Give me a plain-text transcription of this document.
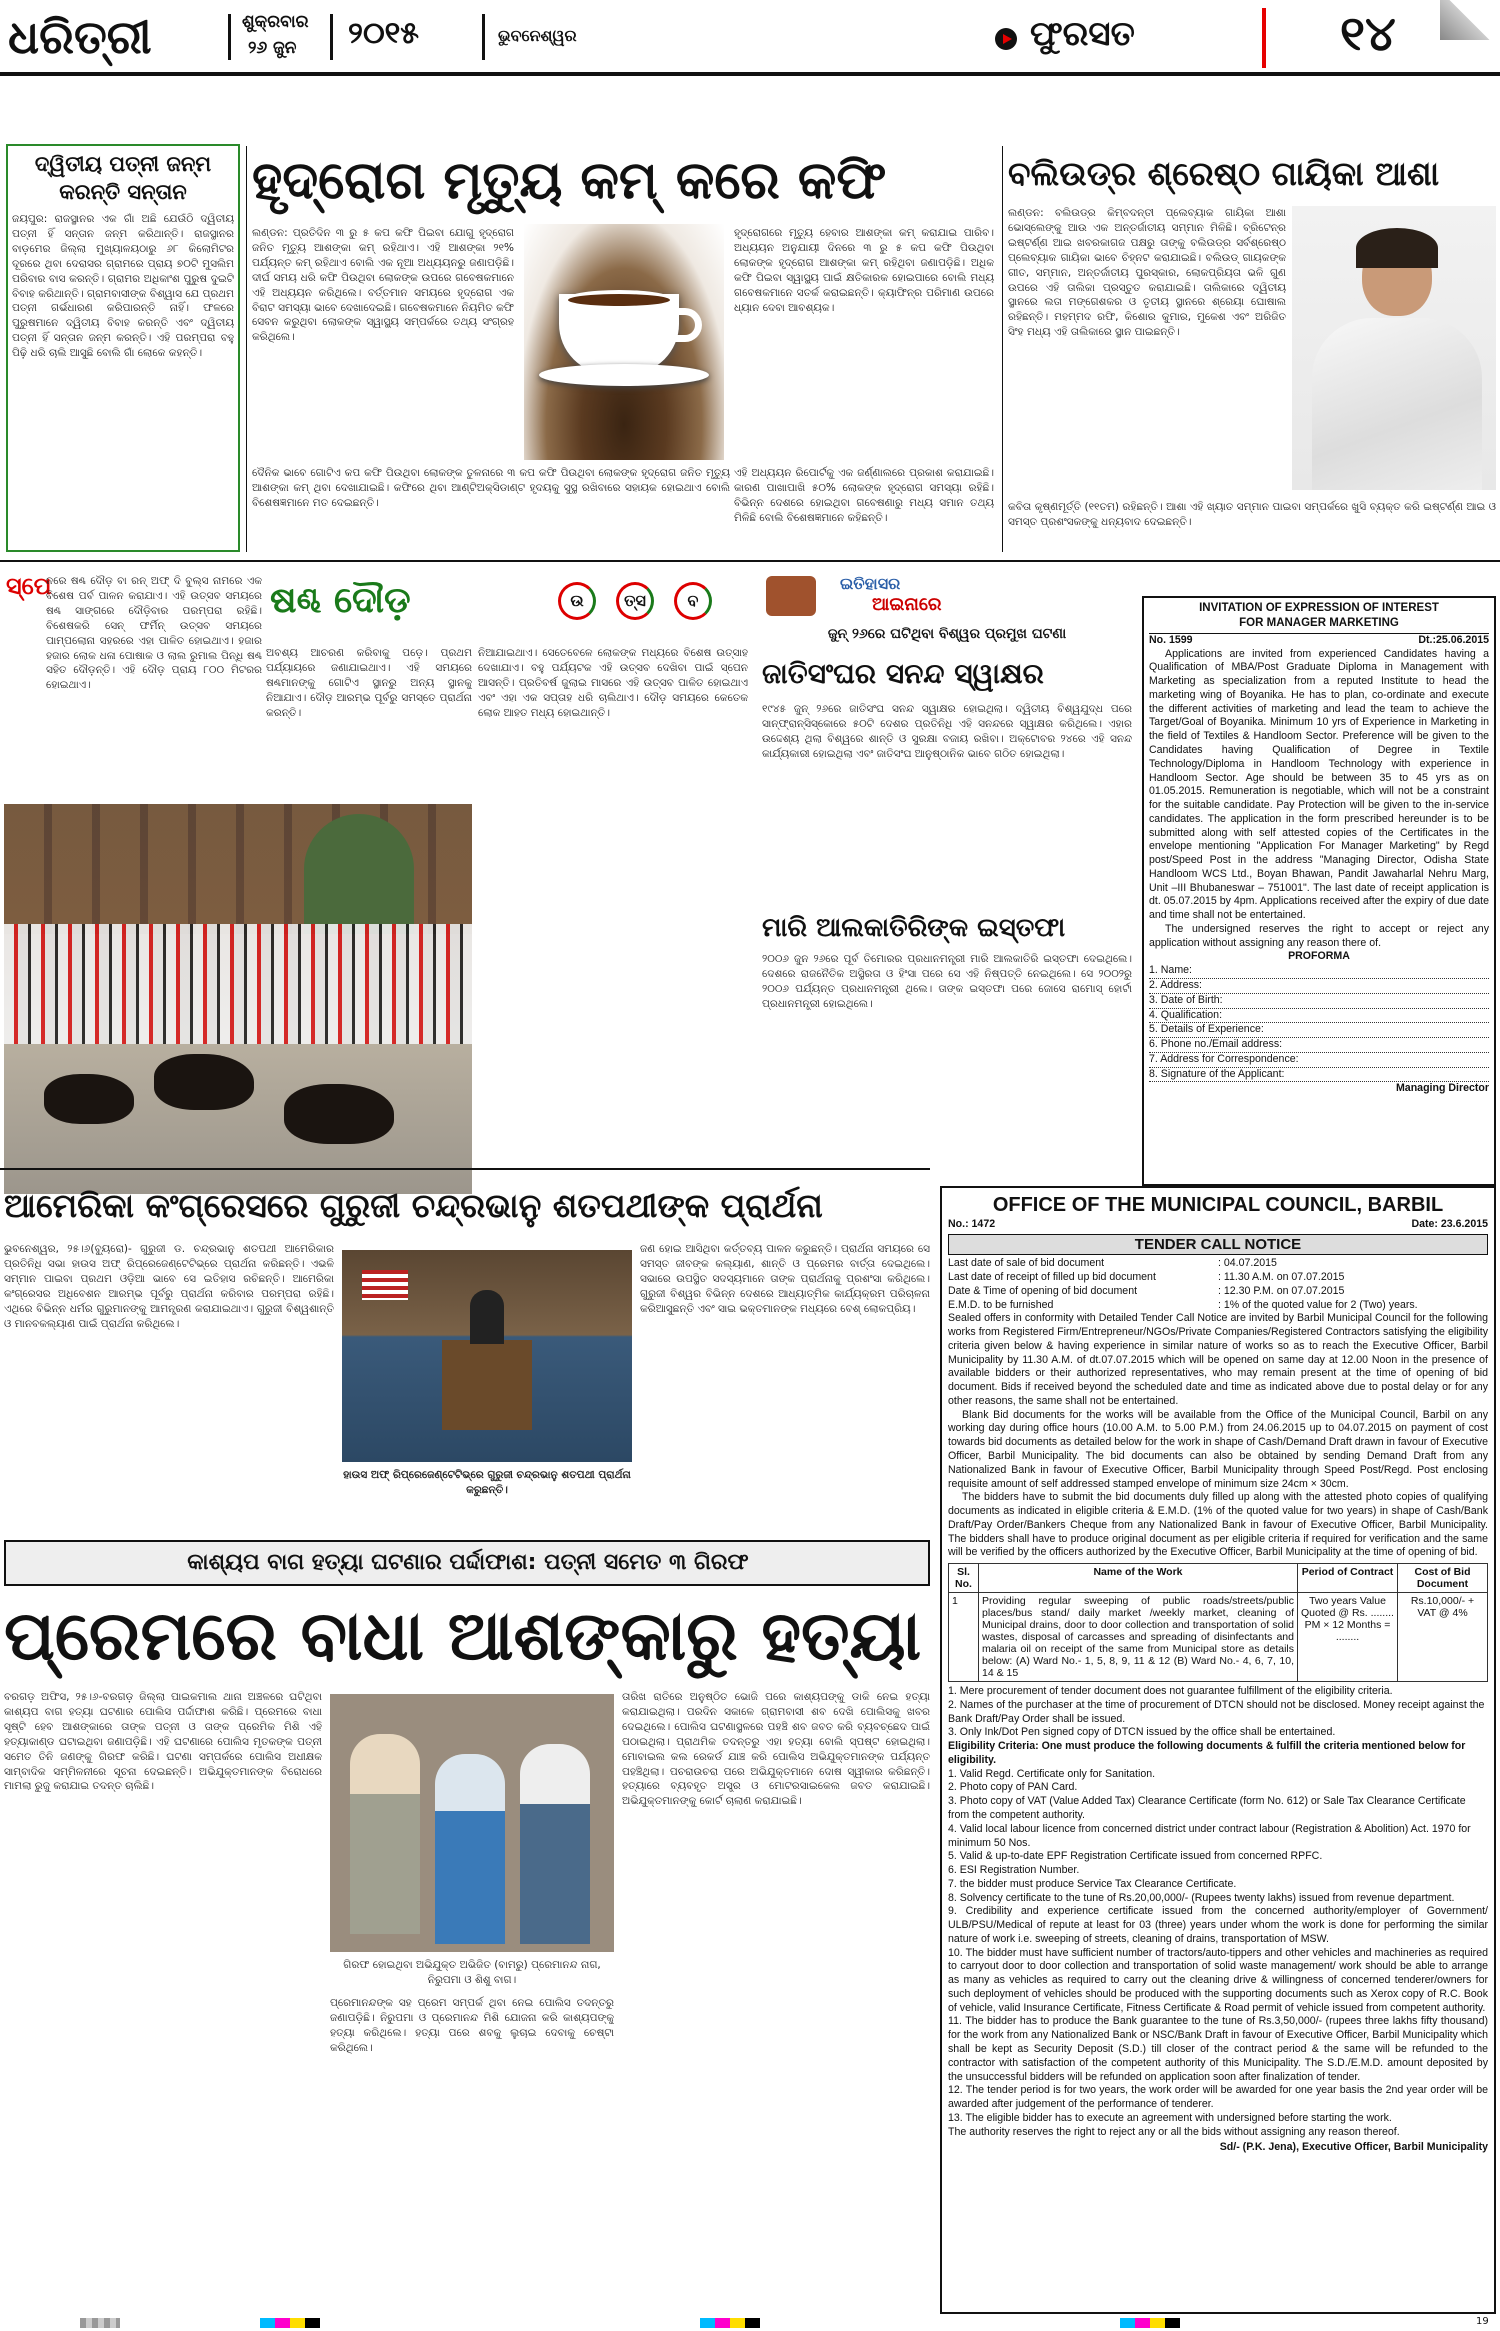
ଧରିତ୍ରୀ	ଶୁକ୍ରବାର
୨୬ ଜୁନ ୨୦୧୫	ଭୁବନେଶ୍ୱର	ଫୁରସତ	୧୪
ଦ୍ୱିତୀୟ ପତ୍ନୀ ଜନ୍ମ
କରନ୍ତି ସନ୍ତାନ
ଜୟପୁର: ରାଜସ୍ଥାନର ଏକ ଗାଁ ଅଛି ଯେଉଁଠି ଦ୍ୱିତୀୟ ପତ୍ନୀ ହିଁ ସନ୍ତାନ ଜନ୍ମ କରିଥାନ୍ତି। ରାଜସ୍ଥାନର ବାଡ଼ମେର ଜିଲ୍ଲା ମୁଖ୍ୟାଳୟଠାରୁ ୬୮ କିଲୋମିଟର ଦୂରରେ ଥିବା ଦେରାସର ଗ୍ରାମରେ ପ୍ରାୟ ୭୦ଟି ମୁସଲିମ ପରିବାର ବାସ କରନ୍ତି। ଗ୍ରାମର ଅଧିକାଂଶ ପୁରୁଷ ଦୁଇଟି ବିବାହ କରିଥାନ୍ତି। ଗ୍ରାମବାସୀଙ୍କ ବିଶ୍ୱାସ ଯେ ପ୍ରଥମ ପତ୍ନୀ ଗର୍ଭଧାରଣ କରିପାରନ୍ତି ନାହିଁ। ଫଳରେ ପୁରୁଷମାନେ ଦ୍ୱିତୀୟ ବିବାହ କରନ୍ତି ଏବଂ ଦ୍ୱିତୀୟ ପତ୍ନୀ ହିଁ ସନ୍ତାନ ଜନ୍ମ କରନ୍ତି। ଏହି ପରମ୍ପରା ବହୁ ପିଢ଼ି ଧରି ଚାଲି ଆସୁଛି ବୋଲି ଗାଁ ଲୋକେ କହନ୍ତି।
ହୃଦ୍‌ରୋଗ ମୃତ୍ୟୁ କମ୍ କରେ କଫି
ଲଣ୍ଡନ: ପ୍ରତିଦିନ ୩ ରୁ ୫ କପ କଫି ପିଇବା ଯୋଗୁ ହୃଦ୍‌ରୋଗ ଜନିତ ମୃତ୍ୟୁ ଆଶଙ୍କା କମ୍ ରହିଥାଏ। ଏହି ଆଶଙ୍କା ୨୧% ପର୍ଯ୍ୟନ୍ତ କମ୍ ରହିଥାଏ ବୋଲି ଏକ ନୂଆ ଅଧ୍ୟୟନରୁ ଜଣାପଡ଼ିଛି। ଦୀର୍ଘ ସମୟ ଧରି କଫି ପିଉଥିବା ଲୋକଙ୍କ ଉପରେ ଗବେଷକମାନେ ଏହି ଅଧ୍ୟୟନ କରିଥିଲେ। ବର୍ତ୍ତମାନ ସମୟରେ ହୃଦ୍‌ରୋଗ ଏକ ବିରାଟ ସମସ୍ୟା ଭାବେ ଦେଖାଦେଇଛି। ଗବେଷକମାନେ ନିୟମିତ କଫି ସେବନ କରୁଥିବା ଲୋକଙ୍କ ସ୍ୱାସ୍ଥ୍ୟ ସମ୍ପର୍କରେ ତଥ୍ୟ ସଂଗ୍ରହ କରିଥିଲେ।
ହୃଦ୍‌ରୋଗରେ ମୃତ୍ୟୁ ହେବାର ଆଶଙ୍କା କମ୍ କରାଯାଇ ପାରିବ। ଅଧ୍ୟୟନ ଅନୁଯାୟୀ ଦିନରେ ୩ ରୁ ୫ କପ କଫି ପିଉଥିବା ଲୋକଙ୍କ ହୃଦ୍‌ରୋଗ ଆଶଙ୍କା କମ୍ ରହିଥିବା ଜଣାପଡ଼ିଛି। ଅଧିକ କଫି ପିଇବା ସ୍ୱାସ୍ଥ୍ୟ ପାଇଁ କ୍ଷତିକାରକ ହୋଇପାରେ ବୋଲି ମଧ୍ୟ ଗବେଷକମାନେ ସତର୍କ କରାଇଛନ୍ତି। କ୍ୟାଫିନ୍‌ର ପରିମାଣ ଉପରେ ଧ୍ୟାନ ଦେବା ଆବଶ୍ୟକ।
ଦୈନିକ ଭାବେ ଗୋଟିଏ କପ କଫି ପିଉଥିବା ଲୋକଙ୍କ ତୁଳନାରେ ୩ କପ କଫି ପିଉଥିବା ଲୋକଙ୍କ ହୃଦ୍‌ରୋଗ ଜନିତ ମୃତ୍ୟୁ ଆଶଙ୍କା କମ୍ ଥିବା ଦେଖାଯାଇଛି। କଫିରେ ଥିବା ଆଣ୍ଟିଅକ୍ସିଡାଣ୍ଟ ହୃଦୟକୁ ସୁସ୍ଥ ରଖିବାରେ ସହାୟକ ହୋଇଥାଏ ବୋଲି ବିଶେଷଜ୍ଞମାନେ ମତ ଦେଇଛନ୍ତି।
ଏହି ଅଧ୍ୟୟନ ରିପୋର୍ଟକୁ ଏକ ଜର୍ଣ୍ଣାଲରେ ପ୍ରକାଶ କରାଯାଇଛି। କାରଣ ପାଖାପାଖି ୫୦% ଲୋକଙ୍କ ହୃଦ୍‌ରୋଗ ସମସ୍ୟା ରହିଛି। ବିଭିନ୍ନ ଦେଶରେ ହୋଇଥିବା ଗବେଷଣାରୁ ମଧ୍ୟ ସମାନ ତଥ୍ୟ ମିଳିଛି ବୋଲି ବିଶେଷଜ୍ଞମାନେ କହିଛନ୍ତି।
ବଲିଉଡ୍‌ର ଶ୍ରେଷ୍ଠ ଗାୟିକା ଆଶା
ଲଣ୍ଡନ: ବଲିଉଡ୍‌ର କିମ୍ବଦନ୍ତୀ ପ୍ଲେବ୍ୟାକ ଗାୟିକା ଆଶା ଭୋସ୍‌ଲେଙ୍କୁ ଆଉ ଏକ ଅନ୍ତର୍ଜାତୀୟ ସମ୍ମାନ ମିଳିଛି। ବ୍ରିଟେନ୍‌ର ଇଷ୍ଟର୍ଣ୍ଣ ଆଇ ଖବରକାଗଜ ପକ୍ଷରୁ ତାଙ୍କୁ ବଲିଉଡ୍‌ର ସର୍ବଶ୍ରେଷ୍ଠ ପ୍ଲେବ୍ୟାକ ଗାୟିକା ଭାବେ ଚିହ୍ନଟ କରାଯାଇଛି। ବଲିଉଡ୍ ଗାୟକଙ୍କ ଗୀତ, ସମ୍ମାନ, ଅନ୍ତର୍ଜାତୀୟ ପୁରସ୍କାର, ଲୋକପ୍ରିୟତା ଭଳି ଗୁଣ ଉପରେ ଏହି ତାଲିକା ପ୍ରସ୍ତୁତ କରାଯାଇଛି। ତାଲିକାରେ ଦ୍ୱିତୀୟ ସ୍ଥାନରେ ଲତା ମଙ୍ଗେଶକର ଓ ତୃତୀୟ ସ୍ଥାନରେ ଶ୍ରେୟା ଘୋଷାଲ ରହିଛନ୍ତି। ମହମ୍ମଦ ରଫି, କିଶୋର କୁମାର, ମୁକେଶ ଏବଂ ଅରିଜିତ ସିଂହ ମଧ୍ୟ ଏହି ତାଲିକାରେ ସ୍ଥାନ ପାଇଛନ୍ତି।
କବିତା କୃଷ୍ଣମୂର୍ତ୍ତି (୧୧ତମ) ରହିଛନ୍ତି। ଆଶା ଏହି ଖ୍ୟାତ ସମ୍ମାନ ପାଇବା ସମ୍ପର୍କରେ ଖୁସି ବ୍ୟକ୍ତ କରି ଇଷ୍ଟର୍ଣ୍ଣ ଆଇ ଓ ସମସ୍ତ ପ୍ରଶଂସକଙ୍କୁ ଧନ୍ୟବାଦ ଦେଇଛନ୍ତି।
ସ୍ପେ
ନରେ ଷଣ୍ଢ ଦୌଡ଼ ବା ରନ୍ ଅଫ୍ ଦି ବୁଲ୍ସ ନାମରେ ଏକ ବିଶେଷ ପର୍ବ ପାଳନ କରାଯାଏ। ଏହି ଉତ୍ସବ ସମୟରେ ଷଣ୍ଢ ସାଙ୍ଗରେ ଦୌଡ଼ିବାର ପରମ୍ପରା ରହିଛି। ବିଶେଷକରି ସେନ୍ ଫର୍ମିନ୍ ଉତ୍ସବ ସମୟରେ ପାମ୍ପଲୋନା ସହରରେ ଏହା ପାଳିତ ହୋଇଥାଏ। ହଜାର ହଜାର ଲୋକ ଧଳା ପୋଷାକ ଓ ଲାଲ ରୁମାଲ ପିନ୍ଧି ଷଣ୍ଢ ସହିତ ଦୌଡ଼ନ୍ତି। ଏହି ଦୌଡ଼ ପ୍ରାୟ ୮୦୦ ମିଟରର ହୋଇଥାଏ।
ଷଣ୍ଢ ଦୌଡ଼	ଉ	ତ୍ସ	ବ
ଅବଶ୍ୟ ଆଚରଣ କରିବାକୁ ପଡ଼େ। ପ୍ରଥମ ପର୍ଯ୍ୟାୟରେ ଜଣାଯାଇଥାଏ। ଏହି ସମୟରେ ଷଣ୍ଢମାନଙ୍କୁ ଗୋଟିଏ ସ୍ଥାନରୁ ଅନ୍ୟ ସ୍ଥାନକୁ ନିଆଯାଏ। ଦୌଡ଼ ଆରମ୍ଭ ପୂର୍ବରୁ ସମସ୍ତେ ପ୍ରାର୍ଥନା କରନ୍ତି।
ନିଆଯାଇଥାଏ। ସେତେବେଳେ ଲୋକଙ୍କ ମଧ୍ୟରେ ବିଶେଷ ଉତ୍ସାହ ଦେଖାଯାଏ। ବହୁ ପର୍ଯ୍ୟଟକ ଏହି ଉତ୍ସବ ଦେଖିବା ପାଇଁ ସ୍ପେନ ଆସନ୍ତି। ପ୍ରତିବର୍ଷ ଜୁଲାଇ ମାସରେ ଏହି ଉତ୍ସବ ପାଳିତ ହୋଇଥାଏ ଏବଂ ଏହା ଏକ ସପ୍ତାହ ଧରି ଚାଲିଥାଏ। ଦୌଡ଼ ସମୟରେ କେତେକ ଲୋକ ଆହତ ମଧ୍ୟ ହୋଇଥାନ୍ତି।
ଇତିହାସର
ଆଇନାରେ
ଜୁନ୍ ୨୬ରେ ଘଟିଥିବା ବିଶ୍ୱର ପ୍ରମୁଖ ଘଟଣା
ଜାତିସଂଘର ସନନ୍ଦ ସ୍ୱାକ୍ଷର
୧୯୪୫ ଜୁନ୍ ୨୬ରେ ଜାତିସଂଘ ସନନ୍ଦ ସ୍ୱାକ୍ଷର ହୋଇଥିଲା। ଦ୍ୱିତୀୟ ବିଶ୍ୱଯୁଦ୍ଧ ପରେ ସାନ୍‌ଫ୍ରାନ୍ସିସ୍କୋରେ ୫୦ଟି ଦେଶର ପ୍ରତିନିଧି ଏହି ସନନ୍ଦରେ ସ୍ୱାକ୍ଷର କରିଥିଲେ। ଏହାର ଉଦ୍ଦେଶ୍ୟ ଥିଲା ବିଶ୍ୱରେ ଶାନ୍ତି ଓ ସୁରକ୍ଷା ବଜାୟ ରଖିବା। ଅକ୍ଟୋବର ୨୪ରେ ଏହି ସନନ୍ଦ କାର୍ଯ୍ୟକାରୀ ହୋଇଥିଲା ଏବଂ ଜାତିସଂଘ ଆନୁଷ୍ଠାନିକ ଭାବେ ଗଠିତ ହୋଇଥିଲା।
ମାରି ଆଲକାତିରିଙ୍କ ଇସ୍ତଫା
୨୦୦୬ ଜୁନ ୨୬ରେ ପୂର୍ବ ତିମୋରର ପ୍ରଧାନମନ୍ତ୍ରୀ ମାରି ଆଲକାତିରି ଇସ୍ତଫା ଦେଇଥିଲେ। ଦେଶରେ ରାଜନୈତିକ ଅସ୍ଥିରତା ଓ ହିଂସା ପରେ ସେ ଏହି ନିଷ୍ପତ୍ତି ନେଇଥିଲେ। ସେ ୨୦୦୨ରୁ ୨୦୦୬ ପର୍ଯ୍ୟନ୍ତ ପ୍ରଧାନମନ୍ତ୍ରୀ ଥିଲେ। ତାଙ୍କ ଇସ୍ତଫା ପରେ ଜୋସେ ରାମୋସ୍ ହୋର୍ଟା ପ୍ରଧାନମନ୍ତ୍ରୀ ହୋଇଥିଲେ।
INVITATION OF EXPRESSION OF INTEREST
FOR MANAGER MARKETING
No. 1599	Dt.:25.06.2015
Applications are invited from experienced Candidates having a Qualification of MBA/Post Graduate Diploma in Management with Marketing as specialization from a reputed Institute to head the marketing wing of Boyanika. He has to plan, co-ordinate and execute the different activities of marketing and lead the team to achieve the Target/Goal of Boyanika. Minimum 10 yrs of Experience in Marketing in the field of Textiles & Handloom Sector. Preference will be given to the Candidates having Qualification of Degree in Textile Technology/Diploma in Handloom Technology with experience in Handloom Sector. Age should be between 35 to 45 yrs as on 01.05.2015. Remuneration is negotiable, which will not be a constraint for the suitable candidate. Pay Protection will be given to the in-service candidates. The application in the form prescribed hereunder is to be submitted along with self attested copies of the Certificates in the envelope mentioning "Application For Manager Marketing" by Regd post/Speed Post in the address "Managing Director, Odisha State Handloom WCS Ltd., Boyan Bhawan, Pandit Jawaharlal Nehru Marg, Unit –III Bhubaneswar – 751001". The last date of receipt application is dt. 05.07.2015 by 4pm. Applications received after the expiry of due date and time shall not be entertained.
The undersigned reserves the right to accept or reject any application without assigning any reason there of.
PROFORMA
1. Name:
2. Address:
3. Date of Birth:
4. Qualification:
5. Details of Experience:
6. Phone no./Email address:
7. Address for Correspondence:
8. Signature of the Applicant:
Managing Director
ଆମେରିକା କଂଗ୍ରେସରେ ଗୁରୁଜୀ ଚନ୍ଦ୍ରଭାନୁ ଶତପଥୀଙ୍କ ପ୍ରାର୍ଥନା
ଭୁବନେଶ୍ୱର, ୨୫।୬(ବ୍ୟୁରୋ)- ଗୁରୁଜୀ ଡ. ଚନ୍ଦ୍ରଭାନୁ ଶତପଥୀ ଆମେରିକାର ପ୍ରତିନିଧି ସଭା ହାଉସ ଅଫ୍ ରିପ୍ରେଜେଣ୍ଟେଟିଭ୍‌ରେ ପ୍ରାର୍ଥନା କରିଛନ୍ତି। ଏଭଳି ସମ୍ମାନ ପାଇବା ପ୍ରଥମ ଓଡ଼ିଆ ଭାବେ ସେ ଇତିହାସ ରଚିଛନ୍ତି। ଆମେରିକା କଂଗ୍ରେସର ଅଧିବେଶନ ଆରମ୍ଭ ପୂର୍ବରୁ ପ୍ରାର୍ଥନା କରିବାର ପରମ୍ପରା ରହିଛି। ଏଥିରେ ବିଭିନ୍ନ ଧର୍ମର ଗୁରୁମାନଙ୍କୁ ଆମନ୍ତ୍ରଣ କରାଯାଇଥାଏ। ଗୁରୁଜୀ ବିଶ୍ୱଶାନ୍ତି ଓ ମାନବକଲ୍ୟାଣ ପାଇଁ ପ୍ରାର୍ଥନା କରିଥିଲେ।
ହାଉସ ଅଫ୍ ରିପ୍ରେଜେଣ୍ଟେଟିଭ୍‌ରେ ଗୁରୁଜୀ ଚନ୍ଦ୍ରଭାନୁ ଶତପଥୀ ପ୍ରାର୍ଥନା କରୁଛନ୍ତି।
ଜଣ ହୋଇ ଆସିଥିବା କର୍ତ୍ତବ୍ୟ ପାଳନ କରୁଛନ୍ତି। ପ୍ରାର୍ଥନା ସମୟରେ ସେ ସମସ୍ତ ଜୀବଙ୍କ କଲ୍ୟାଣ, ଶାନ୍ତି ଓ ପ୍ରେମର ବାର୍ତ୍ତା ଦେଇଥିଲେ। ସଭାରେ ଉପସ୍ଥିତ ସଦସ୍ୟମାନେ ତାଙ୍କ ପ୍ରାର୍ଥନାକୁ ପ୍ରଶଂସା କରିଥିଲେ। ଗୁରୁଜୀ ବିଶ୍ୱର ବିଭିନ୍ନ ଦେଶରେ ଆଧ୍ୟାତ୍ମିକ କାର୍ଯ୍ୟକ୍ରମ ପରିଚାଳନା କରିଆସୁଛନ୍ତି ଏବଂ ସାଇ ଭକ୍ତମାନଙ୍କ ମଧ୍ୟରେ ବେଶ୍ ଲୋକପ୍ରିୟ।
କାଶ୍ୟପ ବାଗ ହତ୍ୟା ଘଟଣାର ପର୍ଦ୍ଦାଫାଶ: ପତ୍ନୀ ସମେତ ୩ ଗିରଫ
ପ୍ରେମରେ ବାଧା ଆଶଙ୍କାରୁ ହତ୍ୟା
ବରଗଡ଼ ଅଫିସ, ୨୫।୬-ବରଗଡ଼ ଜିଲ୍ଲା ପାଇକମାଲ ଥାନା ଅଞ୍ଚଳରେ ଘଟିଥିବା କାଶ୍ୟପ ବାଗ ହତ୍ୟା ଘଟଣାର ପୋଲିସ ପର୍ଦ୍ଦାଫାଶ କରିଛି। ପ୍ରେମରେ ବାଧା ସୃଷ୍ଟି ହେବ ଆଶଙ୍କାରେ ତାଙ୍କ ପତ୍ନୀ ଓ ତାଙ୍କ ପ୍ରେମିକ ମିଶି ଏହି ହତ୍ୟାକାଣ୍ଡ ଘଟାଇଥିବା ଜଣାପଡ଼ିଛି। ଏହି ଘଟଣାରେ ପୋଲିସ ମୃତକଙ୍କ ପତ୍ନୀ ସମେତ ତିନି ଜଣଙ୍କୁ ଗିରଫ କରିଛି। ଘଟଣା ସମ୍ପର୍କରେ ପୋଲିସ ଅଧୀକ୍ଷକ ସାମ୍ବାଦିକ ସମ୍ମିଳନୀରେ ସୂଚନା ଦେଇଛନ୍ତି। ଅଭିଯୁକ୍ତମାନଙ୍କ ବିରୋଧରେ ମାମଲା ରୁଜୁ କରାଯାଇ ତଦନ୍ତ ଚାଲିଛି।
ଗିରଫ ହୋଇଥିବା ଅଭିଯୁକ୍ତ ଅଭିଜିତ (ବାମରୁ) ପ୍ରେମାନନ୍ଦ ନାଗ, ନିରୁପମା ଓ ଶିଶୁ ବାଗ।
ପ୍ରେମାନନ୍ଦଙ୍କ ସହ ପ୍ରେମ ସମ୍ପର୍କ ଥିବା ନେଇ ପୋଲିସ ତଦନ୍ତରୁ ଜଣାପଡ଼ିଛି। ନିରୁପମା ଓ ପ୍ରେମାନନ୍ଦ ମିଶି ଯୋଜନା କରି କାଶ୍ୟପଙ୍କୁ ହତ୍ୟା କରିଥିଲେ। ହତ୍ୟା ପରେ ଶବକୁ ଲୁଚାଇ ଦେବାକୁ ଚେଷ୍ଟା କରିଥିଲେ।
ତାରିଖ ରାତିରେ ଅନୁଷ୍ଠିତ ଭୋଜି ପରେ କାଶ୍ୟପଙ୍କୁ ଡାକି ନେଇ ହତ୍ୟା କରାଯାଇଥିଲା। ପରଦିନ ସକାଳେ ଗ୍ରାମବାସୀ ଶବ ଦେଖି ପୋଲିସକୁ ଖବର ଦେଇଥିଲେ। ପୋଲିସ ଘଟଣାସ୍ଥଳରେ ପହଞ୍ଚି ଶବ ଜବତ କରି ବ୍ୟବଚ୍ଛେଦ ପାଇଁ ପଠାଇଥିଲା। ପ୍ରାଥମିକ ତଦନ୍ତରୁ ଏହା ହତ୍ୟା ବୋଲି ସ୍ପଷ୍ଟ ହୋଇଥିଲା। ମୋବାଇଲ କଲ ରେକର୍ଡ ଯାଞ୍ଚ କରି ପୋଲିସ ଅଭିଯୁକ୍ତମାନଙ୍କ ପର୍ଯ୍ୟନ୍ତ ପହଞ୍ଚିଥିଲା। ପଚରାଉଚରା ପରେ ଅଭିଯୁକ୍ତମାନେ ଦୋଷ ସ୍ୱୀକାର କରିଛନ୍ତି। ହତ୍ୟାରେ ବ୍ୟବହୃତ ଅସ୍ତ୍ର ଓ ମୋଟରସାଇକେଲ ଜବତ କରାଯାଇଛି। ଅଭିଯୁକ୍ତମାନଙ୍କୁ କୋର୍ଟ ଚାଲାଣ କରାଯାଇଛି।
OFFICE OF THE MUNICIPAL COUNCIL, BARBIL
No.: 1472	Date: 23.6.2015
TENDER CALL NOTICE
Last date of sale of bid document	: 04.07.2015
Last date of receipt of filled up bid document	: 11.30 A.M. on 07.07.2015
Date & Time of opening of bid document	: 12.30 P.M. on 07.07.2015
E.M.D. to be furnished	: 1% of the quoted value for 2 (Two) years.
Sealed offers in conformity with Detailed Tender Call Notice are invited by Barbil Municipal Council for the following works from Registered Firm/Entrepreneur/NGOs/Private Companies/Registered Contractors satisfying the eligibility criteria given below & having experience in similar nature of works so as to reach the Executive Officer, Barbil Municipality by 11.30 A.M. of dt.07.07.2015 which will be opened on same day at 12.00 Noon in the presence of available bidders or their authorized representatives, who may remain present at the time of opening of bid document. Bids if received beyond the scheduled date and time as indicated above due to postal delay or for any other reasons, the same shall not be entertained.
Blank Bid documents for the works will be available from the Office of the Municipal Council, Barbil on any working day during office hours (10.00 A.M. to 5.00 P.M.) from 24.06.2015 up to 04.07.2015 on payment of cost towards bid documents as detailed below for the work in shape of Cash/Demand Draft drawn in favour of Executive Officer, Barbil Municipality. The bid documents can also be obtained by sending Demand Draft from any Nationalized Bank in favour of Executive Officer, Barbil Municipality through Speed Post/Regd. Post enclosing requisite amount of self addressed stamped envelope of minimum size 24cm × 30cm.
The bidders have to submit the bid documents duly filled up along with the attested photo copies of qualifying documents as indicated in eligible criteria & E.M.D. (1% of the quoted value for two years) in shape of Cash/Bank Draft/Pay Order/Bankers Cheque from any Nationalized Bank in favour of Executive Officer, Barbil Municipality. The bidders shall have to produce original document as per eligible criteria if required for verification and the same will be verified by the officers authorized by the Executive Officer, Barbil Municipality at the time of opening of bid.
Sl. No.	Name of the Work	Period of Contract	Cost of Bid Document
1	Providing regular sweeping of public roads/streets/public places/bus stand/ daily market /weekly market, cleaning of Municipal drains, door to door collection and transportation of solid wastes, disposal of carcasses and spreading of disinfectants and malaria oil on receipt of the same from Municipal store as details below: (A) Ward No.- 1, 5, 8, 9, 11 & 12 (B) Ward No.- 4, 6, 7, 10, 14 & 15	Two years Value Quoted @ Rs. ........ PM × 12 Months = ........	Rs.10,000/- + VAT @ 4%
1. Mere procurement of tender document does not guarantee fulfillment of the eligibility criteria.
2. Names of the purchaser at the time of procurement of DTCN should not be disclosed. Money receipt against the Bank Draft/Pay Order shall be issued.
3. Only Ink/Dot Pen signed copy of DTCN issued by the office shall be entertained.
Eligibility Criteria: One must produce the following documents & fulfill the criteria mentioned below for eligibility.
1. Valid Regd. Certificate only for Sanitation.
2. Photo copy of PAN Card.
3. Photo copy of VAT (Value Added Tax) Clearance Certificate (form No. 612) or Sale Tax Clearance Certificate from the competent authority.
4. Valid local labour licence from concerned district under contract labour (Registration & Abolition) Act. 1970 for minimum 50 Nos.
5. Valid & up-to-date EPF Registration Certificate issued from concerned RPFC.
6. ESI Registration Number.
7. the bidder must produce Service Tax Clearance Certificate.
8. Solvency certificate to the tune of Rs.20,00,000/- (Rupees twenty lakhs) issued from revenue department.
9. Credibility and experience certificate issued from the concerned authority/employer of Government/ ULB/PSU/Medical of repute at least for 03 (three) years under whom the work is done for performing the similar nature of work i.e. sweeping of streets, cleaning of drains, transportation of MSW.
10. The bidder must have sufficient number of tractors/auto-tippers and other vehicles and machineries as required to carryout door to door collection and transportation of solid waste management/ work should be able to arrange as many as vehicles as required to carry out the cleaning drive & willingness of concerned tenderer/owners for such deployment of vehicles should be produced with the supporting documents such as Xerox copy of R.C. Book of vehicle, valid Insurance Certificate, Fitness Certificate & Road permit of vehicle issued from competent authority.
11. The bidder has to produce the Bank guarantee to the tune of Rs.3,50,000/- (rupees three lakhs fifty thousand) for the work from any Nationalized Bank or NSC/Bank Draft in favour of Executive Officer, Barbil Municipality which shall be kept as Security Deposit (S.D.) till closer of the contract period & the same will be refunded to the contractor with satisfaction of the competent authority of this Municipality. The S.D./E.M.D. amount deposited by the unsuccessful bidders will be refunded on application soon after finalization of tender.
12. The tender period is for two years, the work order will be awarded for one year basis the 2nd year order will be awarded after judgement of the performance of tenderer.
13. The eligible bidder has to execute an agreement with undersigned before starting the work.
The authority reserves the right to reject any or all the bids without assigning any reason thereof.
Sd/- (P.K. Jena), Executive Officer, Barbil Municipality
19
